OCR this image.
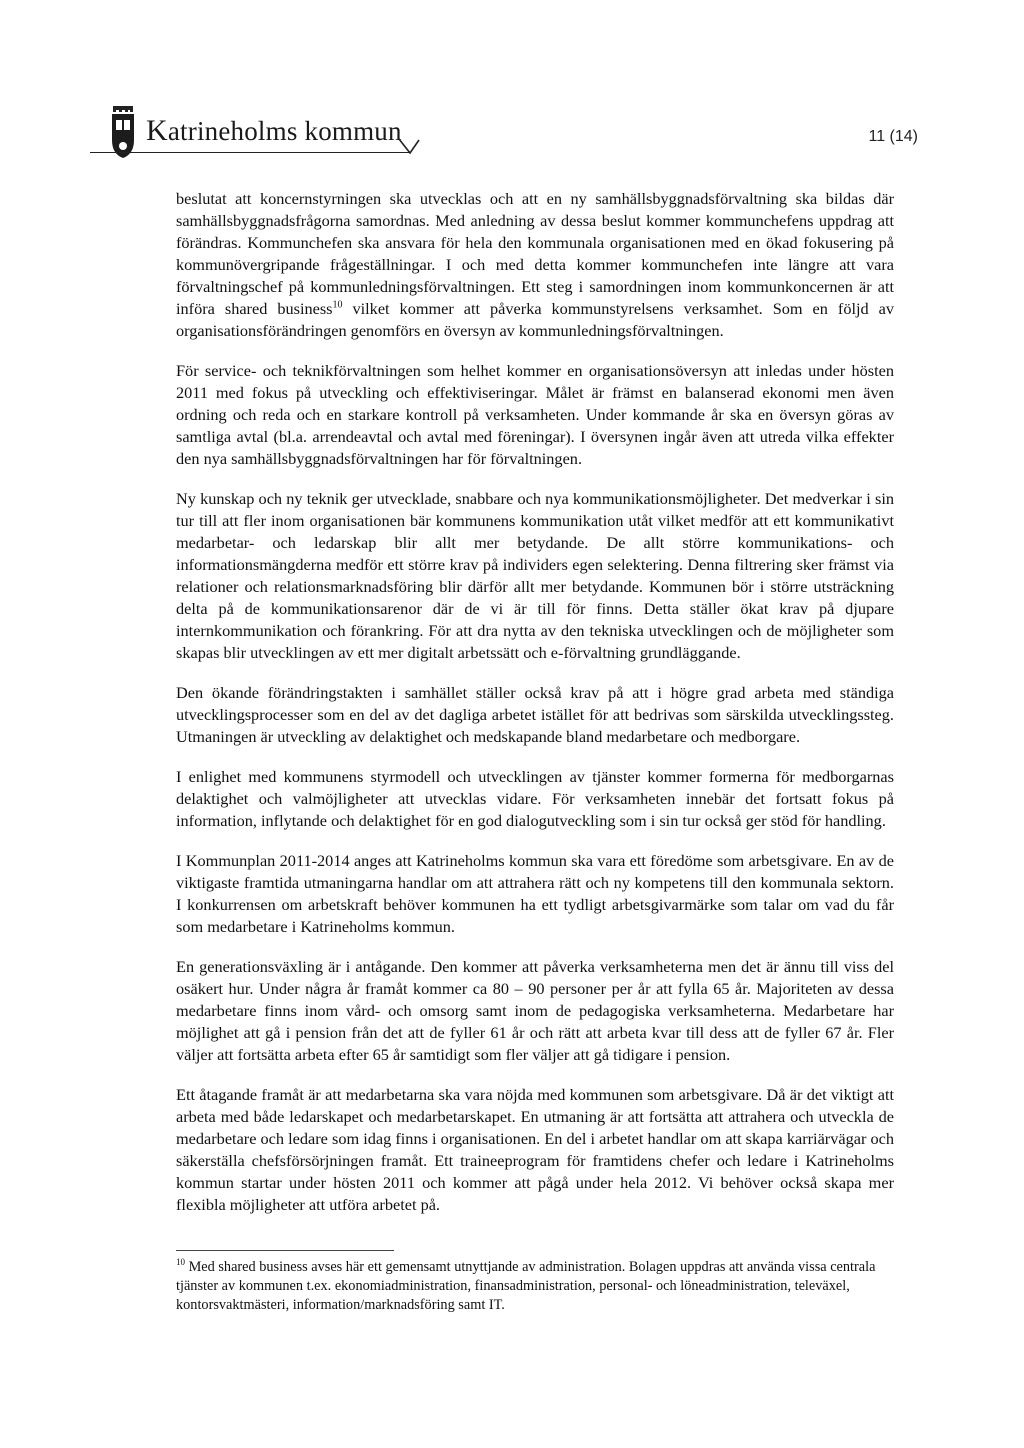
Katrineholms kommun	11 (14)

beslutat att koncernstyrningen ska utvecklas och att en ny samhällsbyggnadsförvaltning ska bildas där samhällsbyggnadsfrågorna samordnas. Med anledning av dessa beslut kommer kommunchefens uppdrag att förändras. Kommunchefen ska ansvara för hela den kommunala organisationen med en ökad fokusering på kommunövergripande frågeställningar. I och med detta kommer kommunchefen inte längre att vara förvaltningschef på kommunledningsförvaltningen. Ett steg i samordningen inom kommunkoncernen är att införa shared business$^{10}$ vilket kommer att påverka kommunstyrelsens verksamhet. Som en följd av organisationsförändringen genomförs en översyn av kommunledningsförvaltningen.

För service- och teknikförvaltningen som helhet kommer en organisationsöversyn att inledas under hösten 2011 med fokus på utveckling och effektiviseringar. Målet är främst en balanserad ekonomi men även ordning och reda och en starkare kontroll på verksamheten. Under kommande år ska en översyn göras av samtliga avtal (bl.a. arrendeavtal och avtal med föreningar). I översynen ingår även att utreda vilka effekter den nya samhällsbyggnadsförvaltningen har för förvaltningen.

Ny kunskap och ny teknik ger utvecklade, snabbare och nya kommunikationsmöjligheter. Det medverkar i sin tur till att fler inom organisationen bär kommunens kommunikation utåt vilket medför att ett kommunikativt medarbetar- och ledarskap blir allt mer betydande. De allt större kommunikations- och informationsmängderna medför ett större krav på individers egen selektering. Denna filtrering sker främst via relationer och relationsmarknadsföring blir därför allt mer betydande. Kommunen bör i större utsträckning delta på de kommunikationsarenor där de vi är till för finns. Detta ställer ökat krav på djupare internkommunikation och förankring. För att dra nytta av den tekniska utvecklingen och de möjligheter som skapas blir utvecklingen av ett mer digitalt arbetssätt och e-förvaltning grundläggande.

Den ökande förändringstakten i samhället ställer också krav på att i högre grad arbeta med ständiga utvecklingsprocesser som en del av det dagliga arbetet istället för att bedrivas som särskilda utvecklingssteg. Utmaningen är utveckling av delaktighet och medskapande bland medarbetare och medborgare.

I enlighet med kommunens styrmodell och utvecklingen av tjänster kommer formerna för medborgarnas delaktighet och valmöjligheter att utvecklas vidare. För verksamheten innebär det fortsatt fokus på information, inflytande och delaktighet för en god dialogutveckling som i sin tur också ger stöd för handling.

I Kommunplan 2011-2014 anges att Katrineholms kommun ska vara ett föredöme som arbetsgivare. En av de viktigaste framtida utmaningarna handlar om att attrahera rätt och ny kompetens till den kommunala sektorn. I konkurrensen om arbetskraft behöver kommunen ha ett tydligt arbetsgivarmärke som talar om vad du får som medarbetare i Katrineholms kommun.

En generationsväxling är i antågande. Den kommer att påverka verksamheterna men det är ännu till viss del osäkert hur. Under några år framåt kommer ca 80 – 90 personer per år att fylla 65 år. Majoriteten av dessa medarbetare finns inom vård- och omsorg samt inom de pedagogiska verksamheterna. Medarbetare har möjlighet att gå i pension från det att de fyller 61 år och rätt att arbeta kvar till dess att de fyller 67 år. Fler väljer att fortsätta arbeta efter 65 år samtidigt som fler väljer att gå tidigare i pension.

Ett åtagande framåt är att medarbetarna ska vara nöjda med kommunen som arbetsgivare. Då är det viktigt att arbeta med både ledarskapet och medarbetarskapet. En utmaning är att fortsätta att attrahera och utveckla de medarbetare och ledare som idag finns i organisationen. En del i arbetet handlar om att skapa karriärvägar och säkerställa chefsförsörjningen framåt. Ett traineeprogram för framtidens chefer och ledare i Katrineholms kommun startar under hösten 2011 och kommer att pågå under hela 2012. Vi behöver också skapa mer flexibla möjligheter att utföra arbetet på.

$^{10}$ Med shared business avses här ett gemensamt utnyttjande av administration. Bolagen uppdras att använda vissa centrala tjänster av kommunen t.ex. ekonomiadministration, finansadministration, personal- och löneadministration, televäxel, kontorsvaktmästeri, information/marknadsföring samt IT.
